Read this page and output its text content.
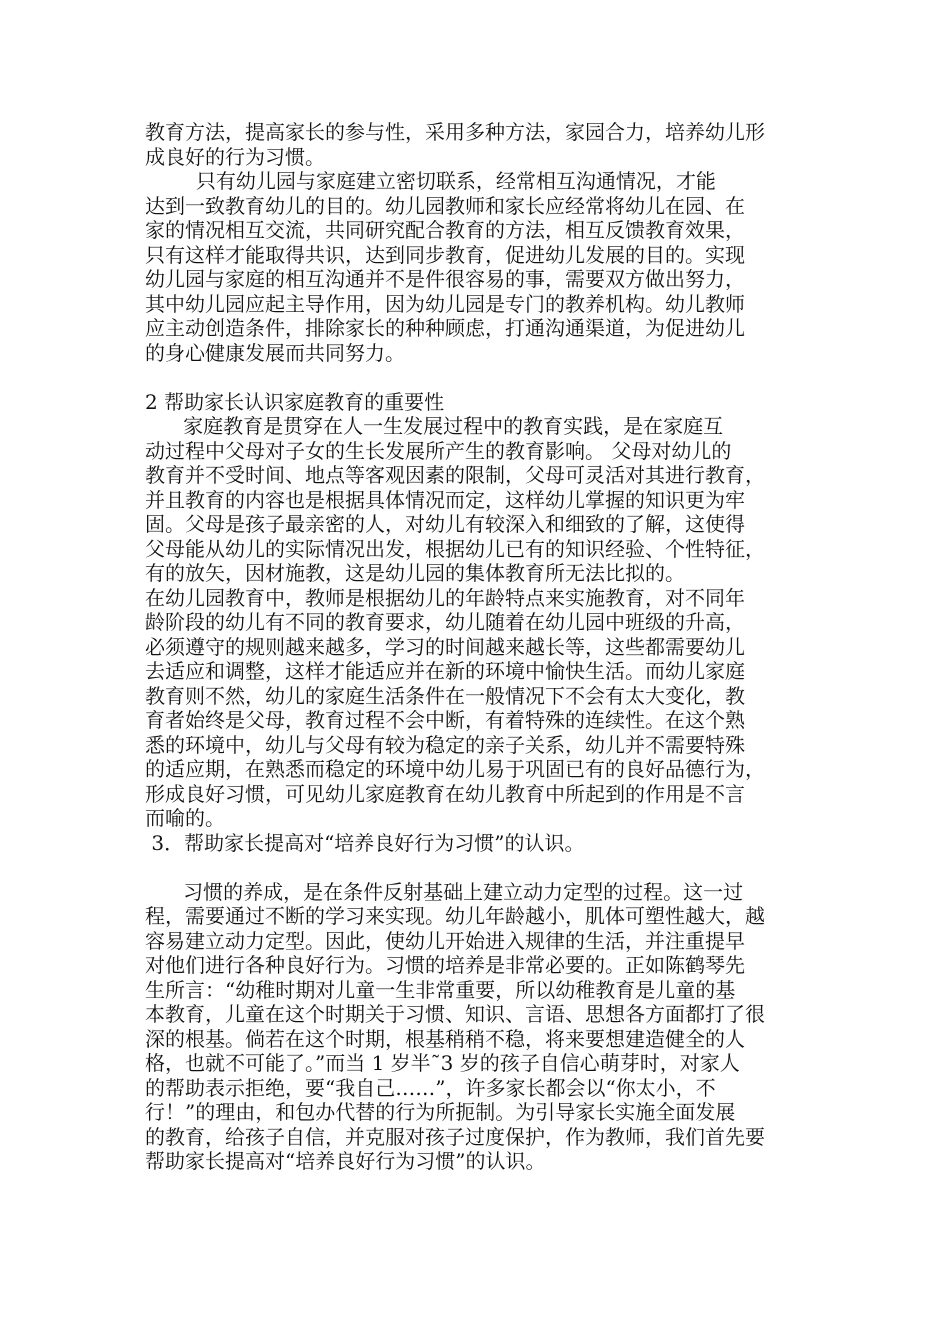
教育方法，提高家长的参与性，采用多种方法，家园合力，培养幼儿形
成良好的行为习惯。
只有幼儿园与家庭建立密切联系，经常相互沟通情况，才能
达到一致教育幼儿的目的。幼儿园教师和家长应经常将幼儿在园、在
家的情况相互交流，共同研究配合教育的方法，相互反馈教育效果，
只有这样才能取得共识，达到同步教育，促进幼儿发展的目的。实现
幼儿园与家庭的相互沟通并不是件很容易的事，需要双方做出努力，
其中幼儿园应起主导作用，因为幼儿园是专门的教养机构。幼儿教师
应主动创造条件，排除家长的种种顾虑，打通沟通渠道，为促进幼儿
的身心健康发展而共同努力。
2 帮助家长认识家庭教育的重要性
家庭教育是贯穿在人一生发展过程中的教育实践，是在家庭互
动过程中父母对子女的生长发展所产生的教育影响。 父母对幼儿的
教育并不受时间、地点等客观因素的限制，父母可灵活对其进行教育，
并且教育的内容也是根据具体情况而定，这样幼儿掌握的知识更为牢
固。父母是孩子最亲密的人，对幼儿有较深入和细致的了解，这使得
父母能从幼儿的实际情况出发，根据幼儿已有的知识经验、个性特征，
有的放矢，因材施教，这是幼儿园的集体教育所无法比拟的。
在幼儿园教育中，教师是根据幼儿的年龄特点来实施教育，对不同年
龄阶段的幼儿有不同的教育要求，幼儿随着在幼儿园中班级的升高，
必须遵守的规则越来越多，学习的时间越来越长等，这些都需要幼儿
去适应和调整，这样才能适应并在新的环境中愉快生活。而幼儿家庭
教育则不然，幼儿的家庭生活条件在一般情况下不会有太大变化，教
育者始终是父母，教育过程不会中断，有着特殊的连续性。在这个熟
悉的环境中，幼儿与父母有较为稳定的亲子关系，幼儿并不需要特殊
的适应期，在熟悉而稳定的环境中幼儿易于巩固已有的良好品德行为，
形成良好习惯，可见幼儿家庭教育在幼儿教育中所起到的作用是不言
而喻的。
3．帮助家长提高对“培养良好行为习惯”的认识。
习惯的养成，是在条件反射基础上建立动力定型的过程。这一过
程，需要通过不断的学习来实现。幼儿年龄越小，肌体可塑性越大，越
容易建立动力定型。因此，使幼儿开始进入规律的生活，并注重提早
对他们进行各种良好行为。习惯的培养是非常必要的。正如陈鹤琴先
生所言：“幼稚时期对儿童一生非常重要，所以幼稚教育是儿童的基
本教育，儿童在这个时期关于习惯、知识、言语、思想各方面都打了很
深的根基。倘若在这个时期，根基稍稍不稳，将来要想建造健全的人
格，也就不可能了。”而当 1 岁半˜3 岁的孩子自信心萌芽时，对家人
的帮助表示拒绝，要“我自己……”，许多家长都会以“你太小，不
行！”的理由，和包办代替的行为所扼制。为引导家长实施全面发展
的教育，给孩子自信，并克服对孩子过度保护，作为教师，我们首先要
帮助家长提高对“培养良好行为习惯”的认识。
